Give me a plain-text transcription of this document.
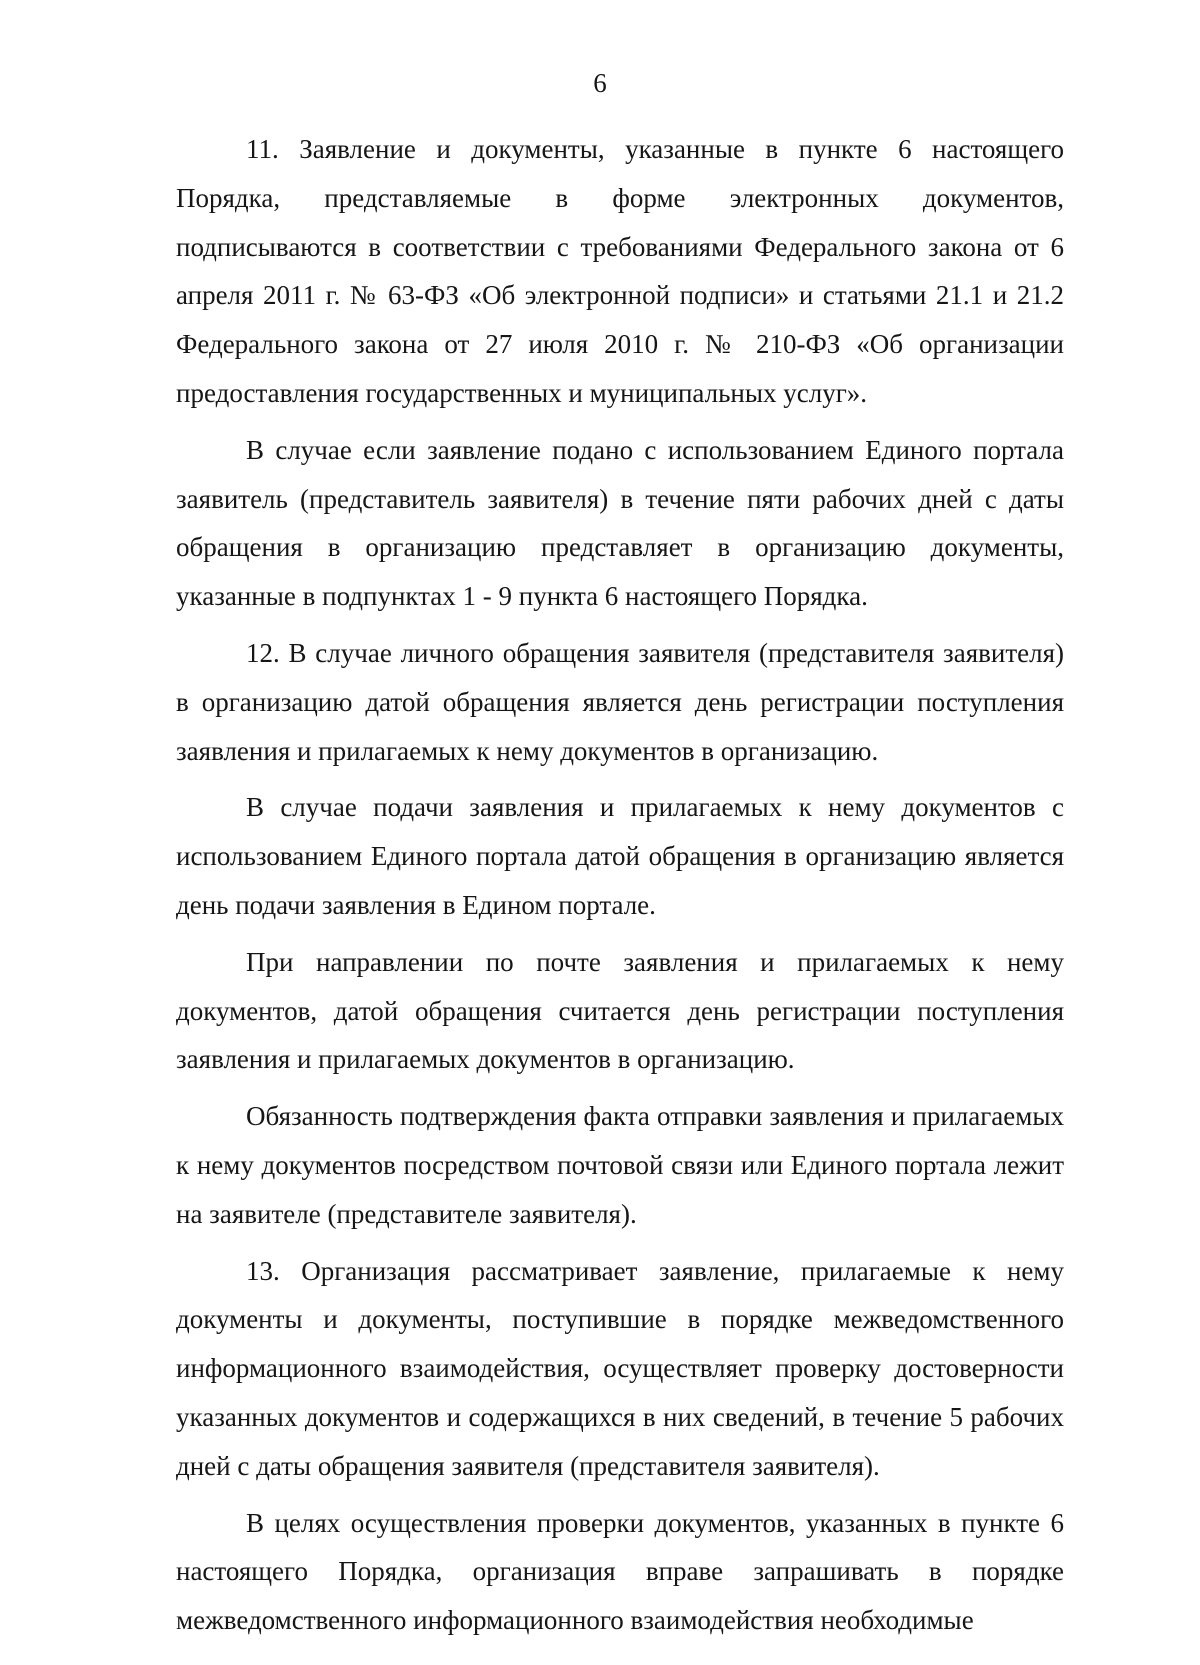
6

11. Заявление и документы, указанные в пункте 6 настоящего Порядка, представляемые в форме электронных документов, подписываются в соответствии с требованиями Федерального закона от 6 апреля 2011 г. № 63-ФЗ «Об электронной подписи» и статьями 21.1 и 21.2 Федерального закона от 27 июля 2010 г. № 210-ФЗ «Об организации предоставления государственных и муниципальных услуг».

В случае если заявление подано с использованием Единого портала заявитель (представитель заявителя) в течение пяти рабочих дней с даты обращения в организацию представляет в организацию документы, указанные в подпунктах 1 - 9 пункта 6 настоящего Порядка.

12. В случае личного обращения заявителя (представителя заявителя) в организацию датой обращения является день регистрации поступления заявления и прилагаемых к нему документов в организацию.

В случае подачи заявления и прилагаемых к нему документов с использованием Единого портала датой обращения в организацию является день подачи заявления в Едином портале.

При направлении по почте заявления и прилагаемых к нему документов, датой обращения считается день регистрации поступления заявления и прилагаемых документов в организацию.

Обязанность подтверждения факта отправки заявления и прилагаемых к нему документов посредством почтовой связи или Единого портала лежит на заявителе (представителе заявителя).

13. Организация рассматривает заявление, прилагаемые к нему документы и документы, поступившие в порядке межведомственного информационного взаимодействия, осуществляет проверку достоверности указанных документов и содержащихся в них сведений, в течение 5 рабочих дней с даты обращения заявителя (представителя заявителя).

В целях осуществления проверки документов, указанных в пункте 6 настоящего Порядка, организация вправе запрашивать в порядке межведомственного информационного взаимодействия необходимые
